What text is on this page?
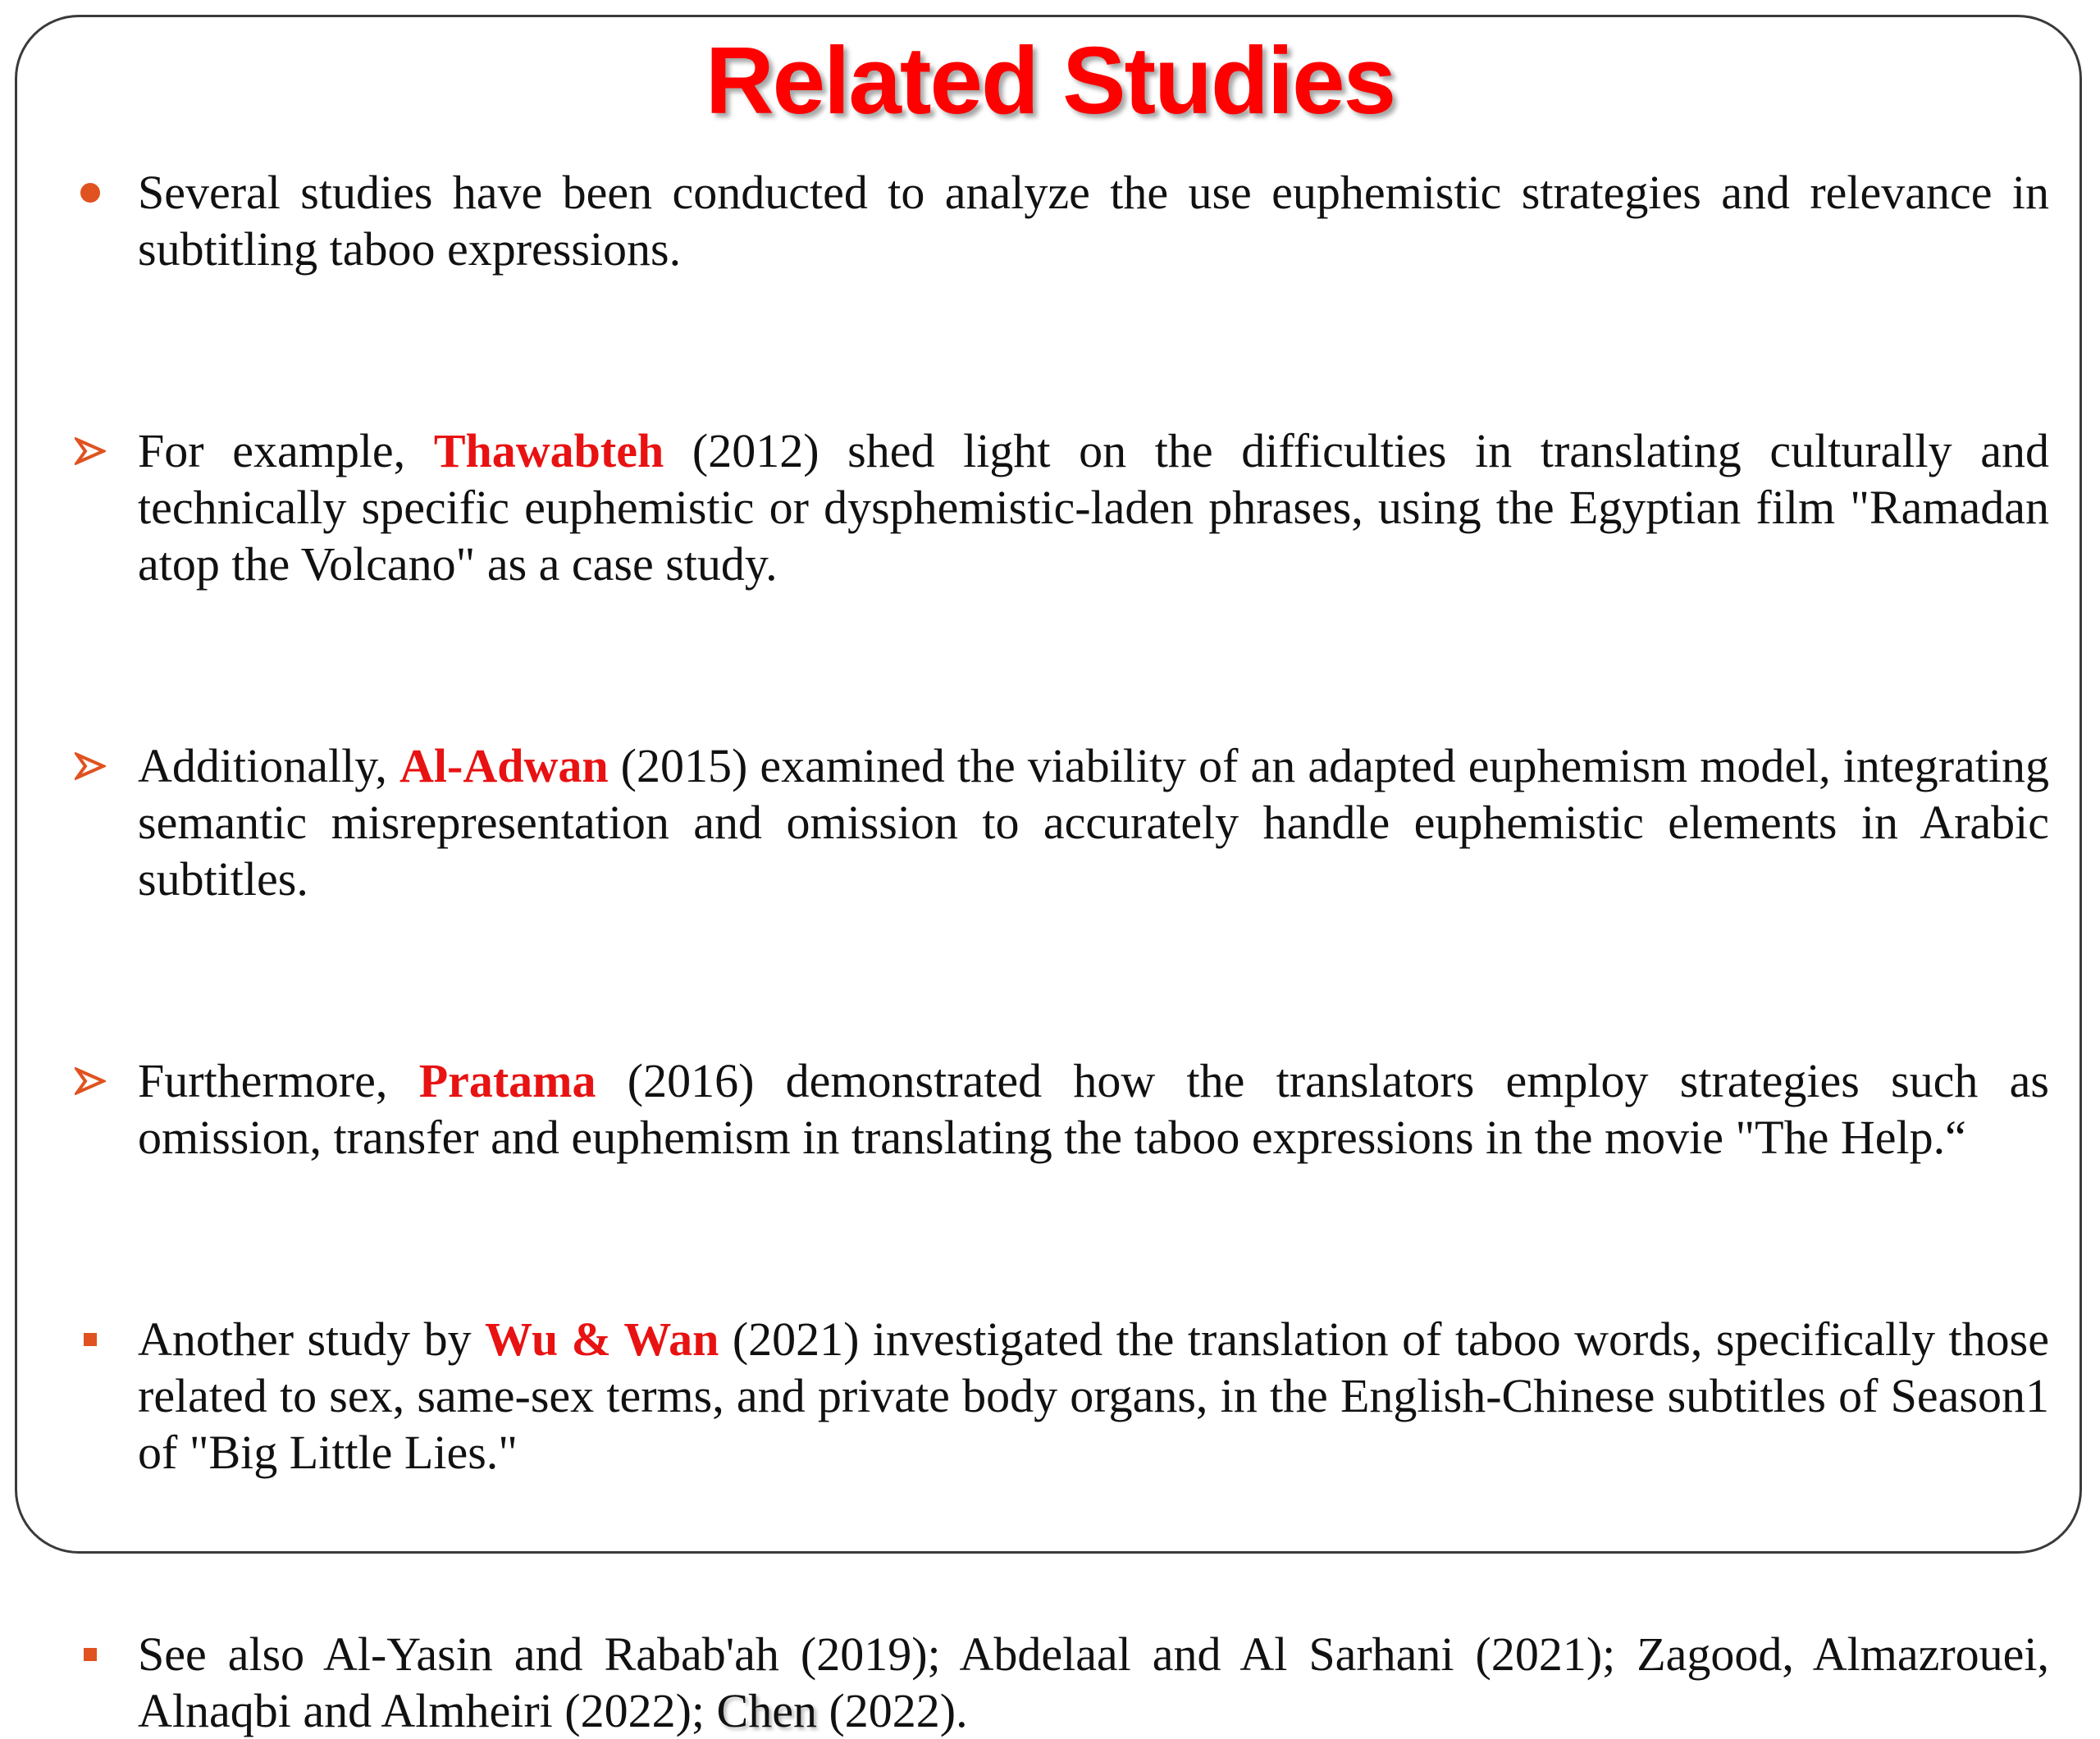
Related Studies

Several studies have been conducted to analyze the use euphemistic strategies and relevance in subtitling taboo expressions.

For example, Thawabteh (2012) shed light on the difficulties in translating culturally and technically specific euphemistic or dysphemistic-laden phrases, using the Egyptian film "Ramadan atop the Volcano" as a case study.

Additionally, Al-Adwan (2015) examined the viability of an adapted euphemism model, integrating semantic misrepresentation and omission to accurately handle euphemistic elements in Arabic subtitles.

Furthermore, Pratama (2016) demonstrated how the translators employ strategies such as omission, transfer and euphemism in translating the taboo expressions in the movie "The Help.“

Another study by Wu & Wan (2021) investigated the translation of taboo words, specifically those related to sex, same-sex terms, and private body organs, in the English-Chinese subtitles of Season1 of "Big Little Lies."

See also Al-Yasin and Rabab'ah (2019); Abdelaal and Al Sarhani (2021); Zagood, Almazrouei, Alnaqbi and Almheiri (2022); Chen (2022).
